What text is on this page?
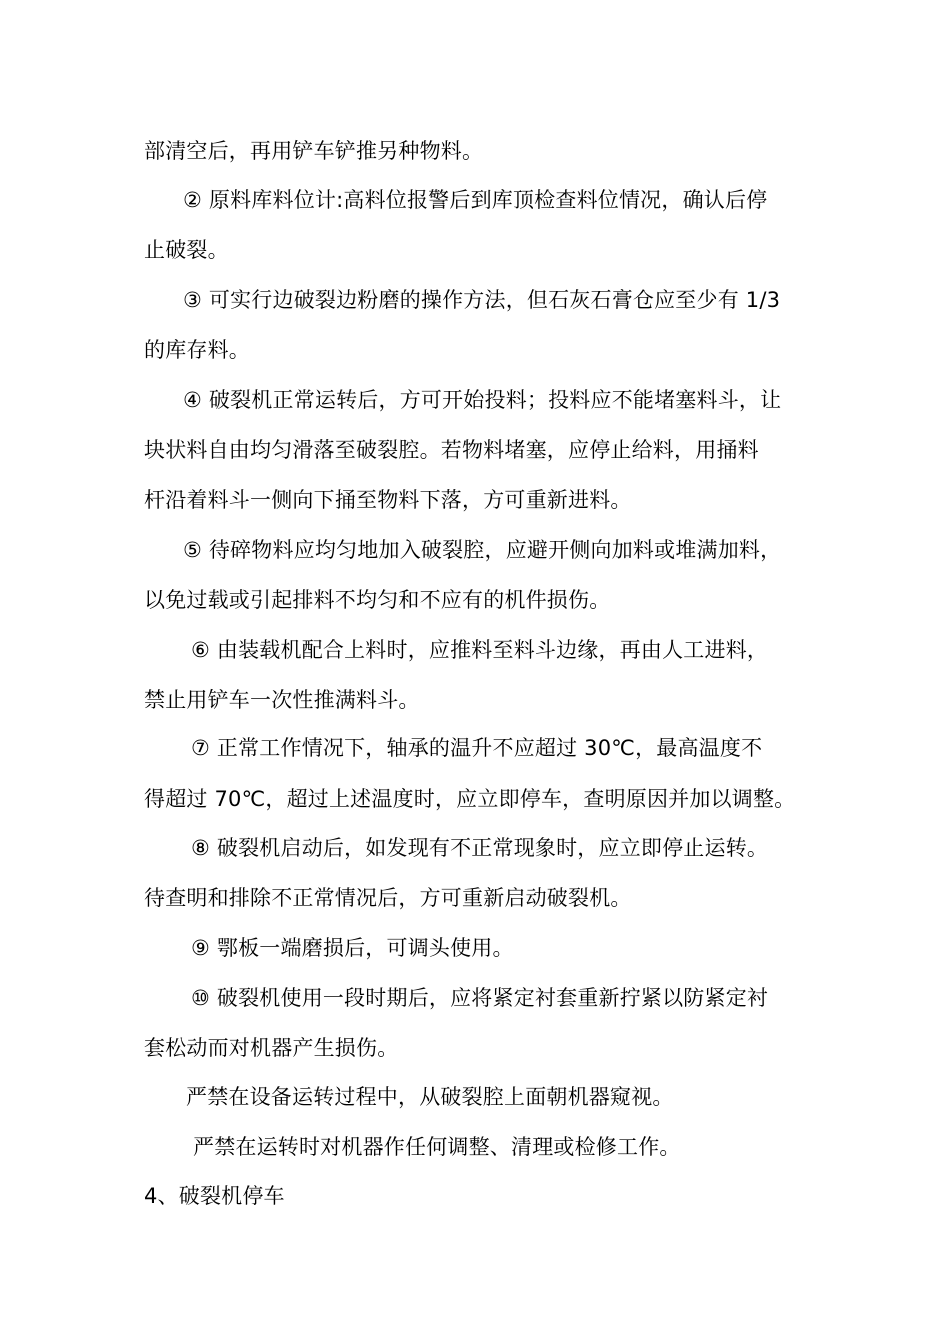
部清空后，再用铲车铲推另种物料。
② 原料库料位计:高料位报警后到库顶检查料位情况，确认后停
止破裂。
③ 可实行边破裂边粉磨的操作方法，但石灰石膏仓应至少有 1/3
的库存料。
④ 破裂机正常运转后，方可开始投料；投料应不能堵塞料斗，让
块状料自由均匀滑落至破裂腔。若物料堵塞，应停止给料，用捅料
杆沿着料斗一侧向下捅至物料下落，方可重新进料。
⑤ 待碎物料应均匀地加入破裂腔，应避开侧向加料或堆满加料，
以免过载或引起排料不均匀和不应有的机件损伤。
⑥ 由装载机配合上料时，应推料至料斗边缘，再由人工进料，
禁止用铲车一次性推满料斗。
⑦ 正常工作情况下，轴承的温升不应超过 30℃，最高温度不
得超过 70℃，超过上述温度时，应立即停车，查明原因并加以调整。
⑧ 破裂机启动后，如发现有不正常现象时，应立即停止运转。
待查明和排除不正常情况后，方可重新启动破裂机。
⑨ 鄂板一端磨损后，可调头使用。
⑩ 破裂机使用一段时期后，应将紧定衬套重新拧紧以防紧定衬
套松动而对机器产生损伤。
严禁在设备运转过程中，从破裂腔上面朝机器窥视。
严禁在运转时对机器作任何调整、清理或检修工作。
4、破裂机停车
